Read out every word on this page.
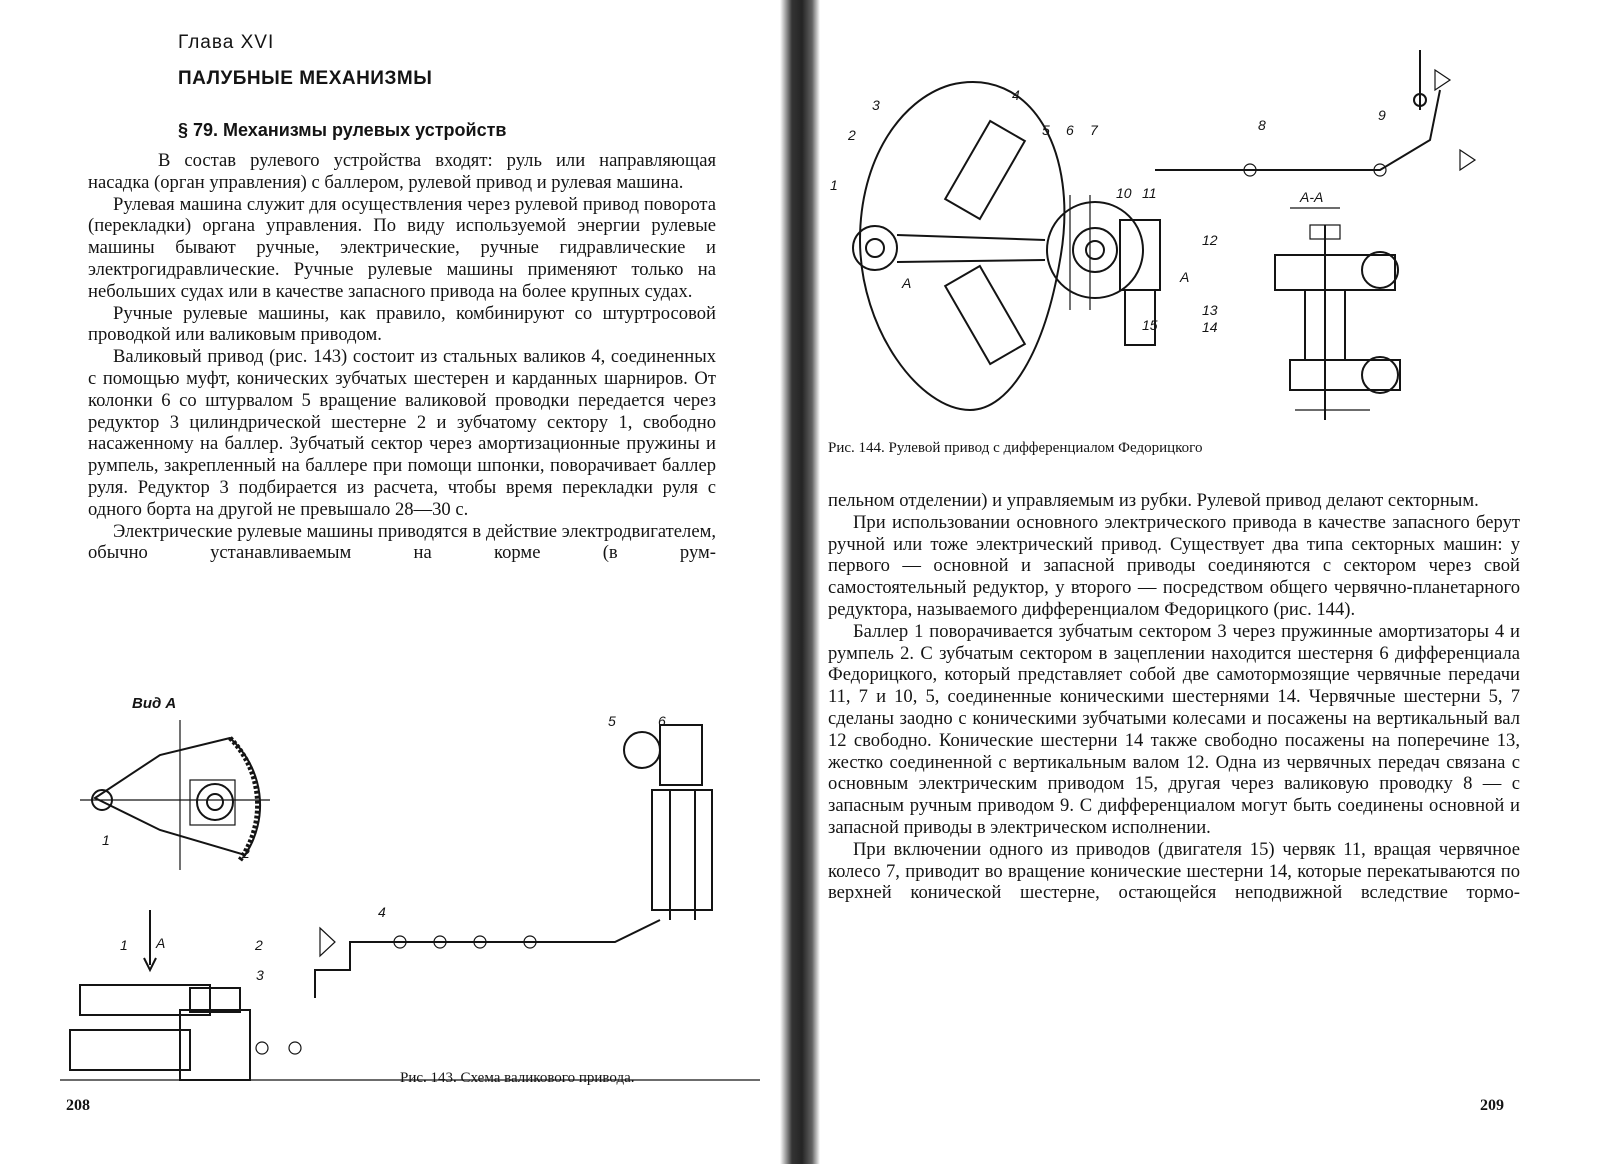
Глава XVI
ПАЛУБНЫЕ МЕХАНИЗМЫ
§ 79. Механизмы рулевых устройств

В состав рулевого устройства входят: руль или направляющая насадка (орган управления) с баллером, рулевой привод и рулевая машина.

Рулевая машина служит для осуществления через рулевой привод поворота (перекладки) органа управления. По виду используемой энергии рулевые машины бывают ручные, электрические, ручные гидравлические и электрогидравлические. Ручные рулевые машины применяют только на небольших судах или в качестве запасного привода на более крупных судах.

Ручные рулевые машины, как правило, комбинируют со штуртросовой проводкой или валиковым приводом.

Валиковый привод (рис. 143) состоит из стальных валиков 4, соединенных с помощью муфт, конических зубчатых шестерен и карданных шарниров. От колонки 6 со штурвалом 5 вращение валиковой проводки передается через редуктор 3 цилиндрической шестерне 2 и зубчатому сектору 1, свободно насаженному на баллер. Зубчатый сектор через амортизационные пружины и румпель, закрепленный на баллере при помощи шпонки, поворачивает баллер руля. Редуктор 3 подбирается из расчета, чтобы время перекладки руля с одного борта на другой не превышало 28—30 с.

Электрические рулевые машины приводятся в действие электродвигателем, обычно устанавливаемым на корме (в рум-

Вид А
1
2
5	6
4
A
1	2
3
Рис. 143. Схема валикового привода.
208
1
2
3
4
5 6 7	8
9
10 11
12
13
14
15
A	A
A-A
Рис. 144. Рулевой привод с дифференциалом Федорицкого

пельном отделении) и управляемым из рубки. Рулевой привод делают секторным.

При использовании основного электрического привода в качестве запасного берут ручной или тоже электрический привод. Существует два типа секторных машин: у первого — основной и запасной приводы соединяются с сектором через свой самостоятельный редуктор, у второго — посредством общего червячно-планетарного редуктора, называемого дифференциалом Федорицкого (рис. 144).

Баллер 1 поворачивается зубчатым сектором 3 через пружинные амортизаторы 4 и румпель 2. С зубчатым сектором в зацеплении находится шестерня 6 дифференциала Федорицкого, который представляет собой две самотормозящие червячные передачи 11, 7 и 10, 5, соединенные коническими шестернями 14. Червячные шестерни 5, 7 сделаны заодно с коническими зубчатыми колесами и посажены на вертикальный вал 12 свободно. Конические шестерни 14 также свободно посажены на поперечине 13, жестко соединенной с вертикальным валом 12. Одна из червячных передач связана с основным электрическим приводом 15, другая через валиковую проводку 8 — с запасным ручным приводом 9. С дифференциалом могут быть соединены основной и запасной приводы в электрическом исполнении.

При включении одного из приводов (двигателя 15) червяк 11, вращая червячное колесо 7, приводит во вращение конические шестерни 14, которые перекатываются по верхней конической шестерне, остающейся неподвижной вследствие тормо-

209
